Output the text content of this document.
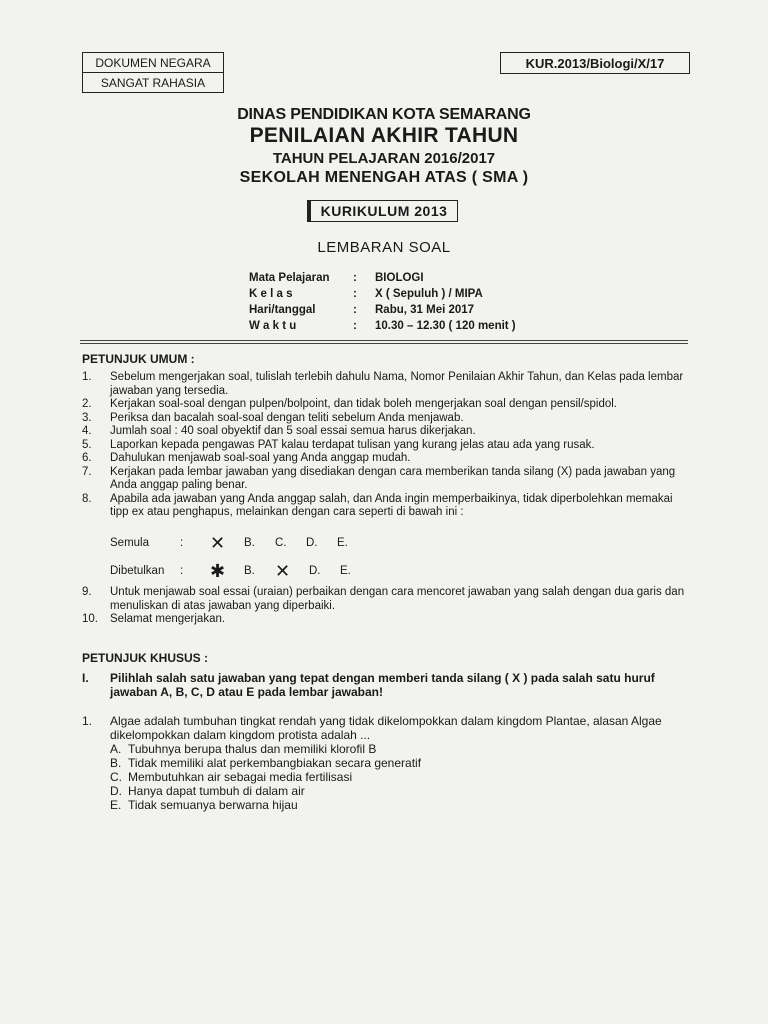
DOKUMEN NEGARA
SANGAT RAHASIA
KUR.2013/Biologi/X/17
DINAS PENDIDIKAN KOTA SEMARANG
PENILAIAN AKHIR TAHUN
TAHUN PELAJARAN 2016/2017
SEKOLAH MENENGAH ATAS ( SMA )
KURIKULUM 2013
LEMBARAN SOAL
Mata Pelajaran	:	BIOLOGI
K e l a s	:	X ( Sepuluh ) / MIPA
Hari/tanggal	:	Rabu, 31 Mei 2017
W a k t u	:	10.30 – 12.30 ( 120 menit )
PETUNJUK UMUM :
1.	Sebelum mengerjakan soal, tulislah terlebih dahulu Nama, Nomor Penilaian Akhir Tahun, dan Kelas pada lembar jawaban yang tersedia.
2.	Kerjakan soal-soal dengan pulpen/bolpoint, dan tidak boleh mengerjakan soal dengan pensil/spidol.
3.	Periksa dan bacalah soal-soal dengan teliti sebelum Anda menjawab.
4.	Jumlah soal : 40 soal obyektif dan 5 soal essai semua harus dikerjakan.
5.	Laporkan kepada pengawas PAT kalau terdapat tulisan yang kurang jelas atau ada yang rusak.
6.	Dahulukan menjawab soal-soal yang Anda anggap mudah.
7.	Kerjakan pada lembar jawaban yang disediakan dengan cara memberikan tanda silang (X) pada jawaban yang Anda anggap paling benar.
8.	Apabila ada jawaban yang Anda anggap salah, dan Anda ingin memperbaikinya, tidak diperbolehkan memakai tipp ex atau penghapus, melainkan dengan cara seperti di bawah ini :
Semula	:	✕	B.	C.	D.	E.
Dibetulkan	:	✱	B.	✕	D.	E.
9.	Untuk menjawab soal essai (uraian) perbaikan dengan cara mencoret jawaban yang salah dengan dua garis dan menuliskan di atas jawaban yang diperbaiki.
10.	Selamat mengerjakan.
PETUNJUK KHUSUS :
I.	Pilihlah salah satu jawaban yang tepat dengan memberi tanda silang ( X ) pada salah satu huruf jawaban A, B, C, D atau E pada lembar jawaban!
1.	Algae adalah tumbuhan tingkat rendah yang tidak dikelompokkan dalam kingdom Plantae, alasan Algae dikelompokkan dalam kingdom protista adalah ...
A. Tubuhnya berupa thalus dan memiliki klorofil B
B. Tidak memiliki alat perkembangbiakan secara generatif
C. Membutuhkan air sebagai media fertilisasi
D. Hanya dapat tumbuh di dalam air
E. Tidak semuanya berwarna hijau
